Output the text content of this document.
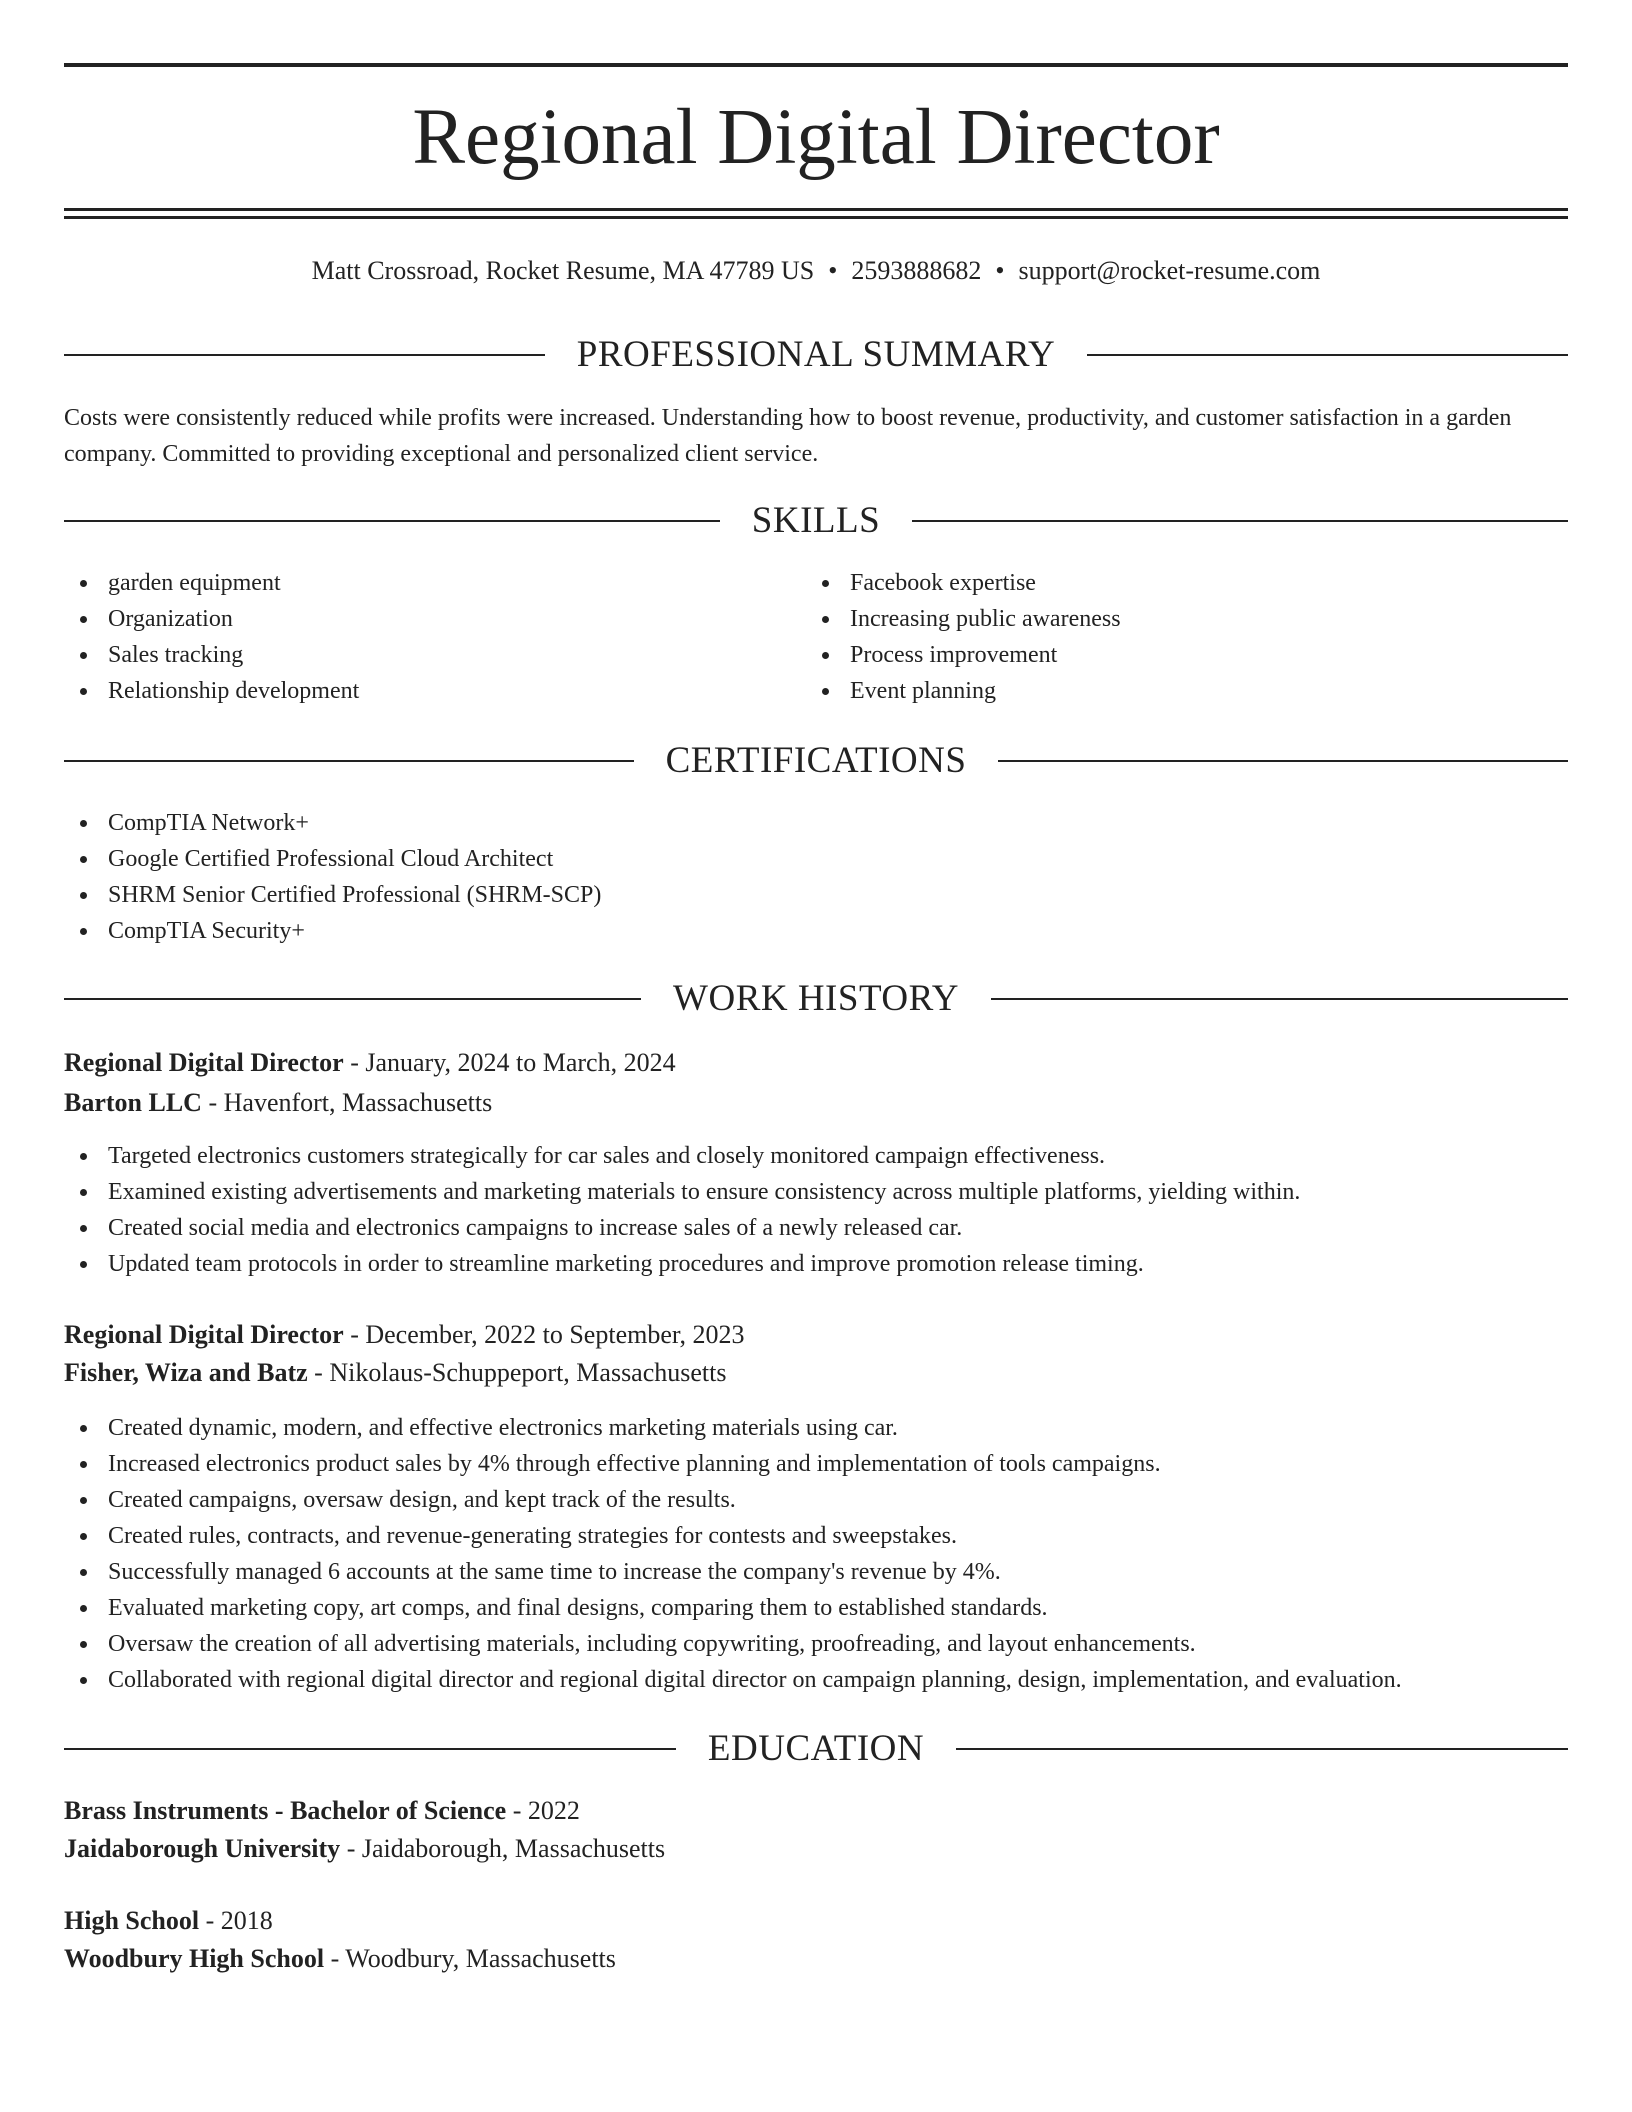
Regional Digital Director
Matt Crossroad, Rocket Resume, MA 47789 US • 2593888682 • support@rocket-resume.com
PROFESSIONAL SUMMARY
Costs were consistently reduced while profits were increased. Understanding how to boost revenue, productivity, and customer satisfaction in a garden company. Committed to providing exceptional and personalized client service.
SKILLS
garden equipment
Organization
Sales tracking
Relationship development
Facebook expertise
Increasing public awareness
Process improvement
Event planning
CERTIFICATIONS
CompTIA Network+
Google Certified Professional Cloud Architect
SHRM Senior Certified Professional (SHRM-SCP)
CompTIA Security+
WORK HISTORY
Regional Digital Director - January, 2024 to March, 2024
Barton LLC - Havenfort, Massachusetts
Targeted electronics customers strategically for car sales and closely monitored campaign effectiveness.
Examined existing advertisements and marketing materials to ensure consistency across multiple platforms, yielding within.
Created social media and electronics campaigns to increase sales of a newly released car.
Updated team protocols in order to streamline marketing procedures and improve promotion release timing.
Regional Digital Director - December, 2022 to September, 2023
Fisher, Wiza and Batz - Nikolaus-Schuppeport, Massachusetts
Created dynamic, modern, and effective electronics marketing materials using car.
Increased electronics product sales by 4% through effective planning and implementation of tools campaigns.
Created campaigns, oversaw design, and kept track of the results.
Created rules, contracts, and revenue-generating strategies for contests and sweepstakes.
Successfully managed 6 accounts at the same time to increase the company's revenue by 4%.
Evaluated marketing copy, art comps, and final designs, comparing them to established standards.
Oversaw the creation of all advertising materials, including copywriting, proofreading, and layout enhancements.
Collaborated with regional digital director and regional digital director on campaign planning, design, implementation, and evaluation.
EDUCATION
Brass Instruments - Bachelor of Science - 2022
Jaidaborough University - Jaidaborough, Massachusetts
High School - 2018
Woodbury High School - Woodbury, Massachusetts
